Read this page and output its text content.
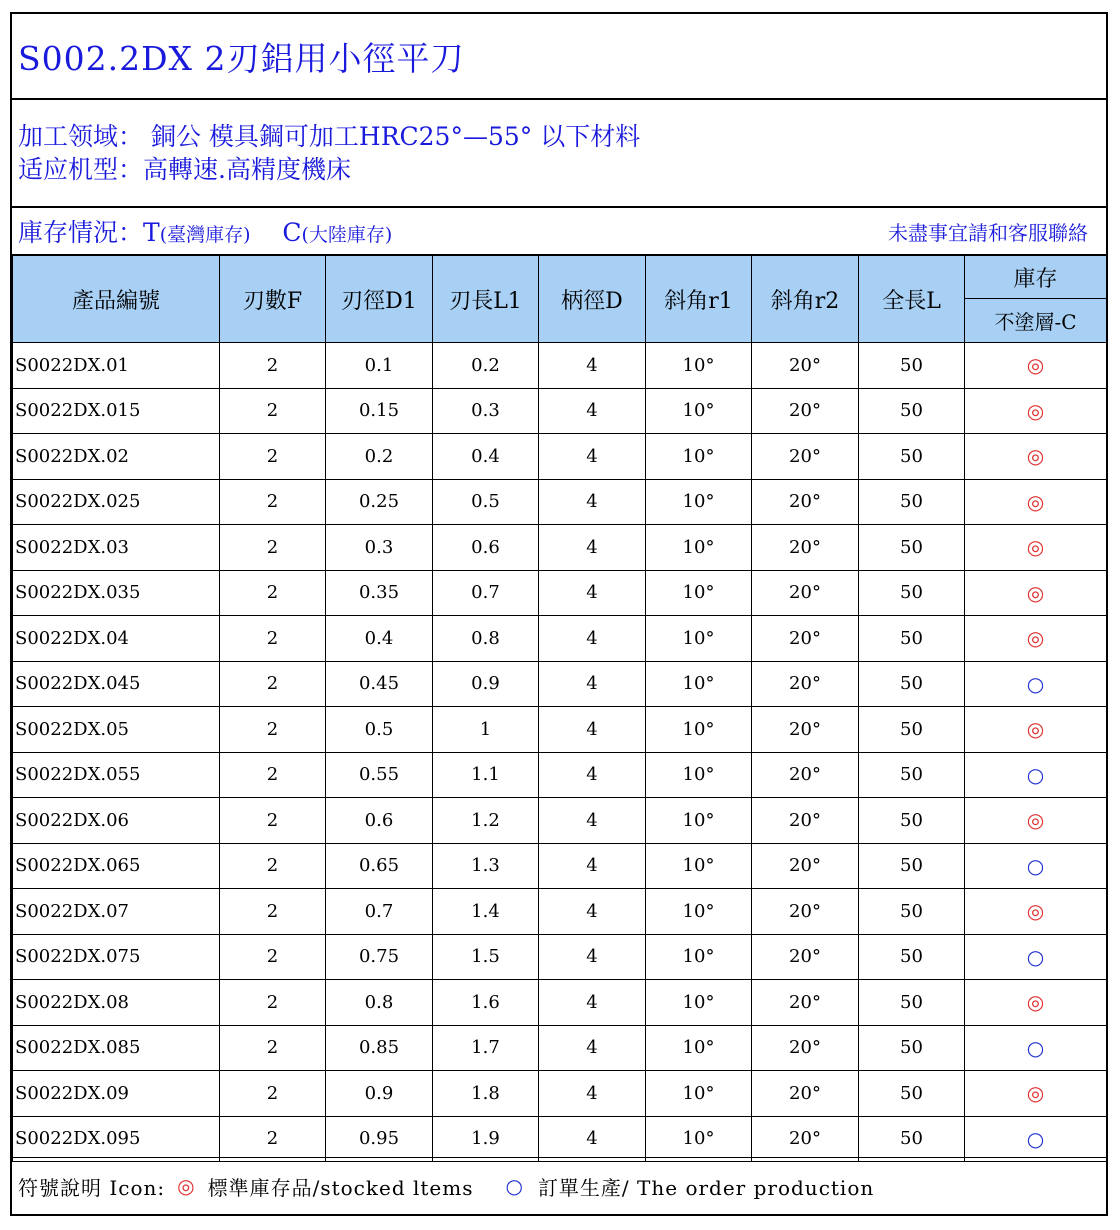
S002.2DX 2刃鋁用小徑平刀
加工领域： 銅公 模具鋼可加工HRC25°—55° 以下材料
适应机型：高轉速.高精度機床
庫存情況：T(臺灣庫存) C(大陸庫存)	未盡事宜請和客服聯絡
產品編號	刃數F	刃徑D1	刃長L1	柄徑D	斜角r1	斜角r2	全長L	庫存
								不塗層-C
S0022DX.01	2	0.1	0.2	4	10°	20°	50	◎
S0022DX.015	2	0.15	0.3	4	10°	20°	50	◎
S0022DX.02	2	0.2	0.4	4	10°	20°	50	◎
S0022DX.025	2	0.25	0.5	4	10°	20°	50	◎
S0022DX.03	2	0.3	0.6	4	10°	20°	50	◎
S0022DX.035	2	0.35	0.7	4	10°	20°	50	◎
S0022DX.04	2	0.4	0.8	4	10°	20°	50	◎
S0022DX.045	2	0.45	0.9	4	10°	20°	50	○
S0022DX.05	2	0.5	1	4	10°	20°	50	◎
S0022DX.055	2	0.55	1.1	4	10°	20°	50	○
S0022DX.06	2	0.6	1.2	4	10°	20°	50	◎
S0022DX.065	2	0.65	1.3	4	10°	20°	50	○
S0022DX.07	2	0.7	1.4	4	10°	20°	50	◎
S0022DX.075	2	0.75	1.5	4	10°	20°	50	○
S0022DX.08	2	0.8	1.6	4	10°	20°	50	◎
S0022DX.085	2	0.85	1.7	4	10°	20°	50	○
S0022DX.09	2	0.9	1.8	4	10°	20°	50	◎
S0022DX.095	2	0.95	1.9	4	10°	20°	50	○
符號說明 Icon: ◎ 標準庫存品/stocked ltems ○ 訂單生產/ The order production
